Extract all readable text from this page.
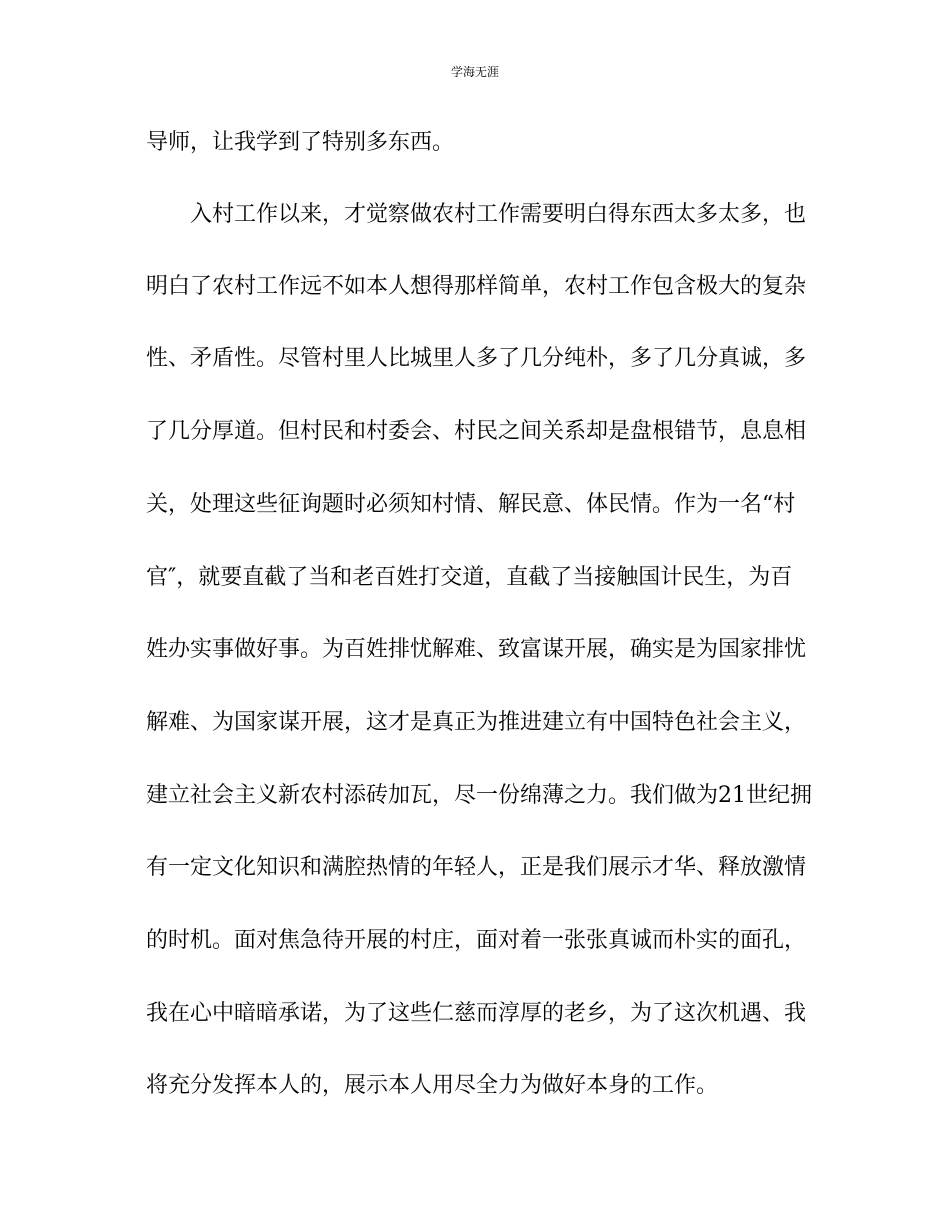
学海无涯
导师，让我学到了特别多东西。
入村工作以来，才觉察做农村工作需要明白得东西太多太多，也
明白了农村工作远不如本人想得那样简单，农村工作包含极大的复杂
性、矛盾性。尽管村里人比城里人多了几分纯朴，多了几分真诚，多
了几分厚道。但村民和村委会、村民之间关系却是盘根错节，息息相
关，处理这些征询题时必须知村情、解民意、体民情。作为一名“村
官″，就要直截了当和老百姓打交道，直截了当接触国计民生，为百
姓办实事做好事。为百姓排忧解难、致富谋开展，确实是为国家排忧
解难、为国家谋开展，这才是真正为推进建立有中国特色社会主义，
建立社会主义新农村添砖加瓦，尽一份绵薄之力。我们做为21世纪拥
有一定文化知识和满腔热情的年轻人，正是我们展示才华、释放激情
的时机。面对焦急待开展的村庄，面对着一张张真诚而朴实的面孔，
我在心中暗暗承诺，为了这些仁慈而淳厚的老乡，为了这次机遇、我
将充分发挥本人的，展示本人用尽全力为做好本身的工作。
